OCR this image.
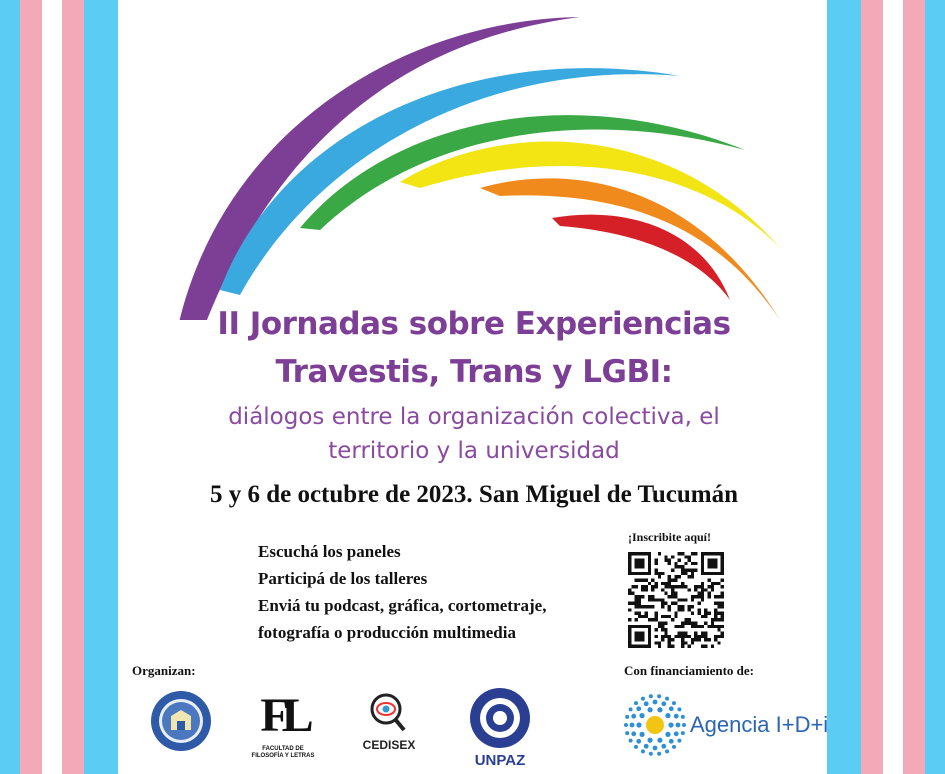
II Jornadas sobre Experiencias
Travestis, Trans y LGBI:
diálogos entre la organización colectiva, el
territorio y la universidad
5 y 6 de octubre de 2023. San Miguel de Tucumán
Escuchá los paneles
Participá de los talleres
Enviá tu podcast, gráfica, cortometraje,
fotografía o producción multimedia
¡Inscribite aquí!
Organizan:	Con financiamiento de:
FL
FACULTAD DE FILOSOFÍA Y LETRAS
CEDISEX
UNPAZ
Agencia I+D+i
